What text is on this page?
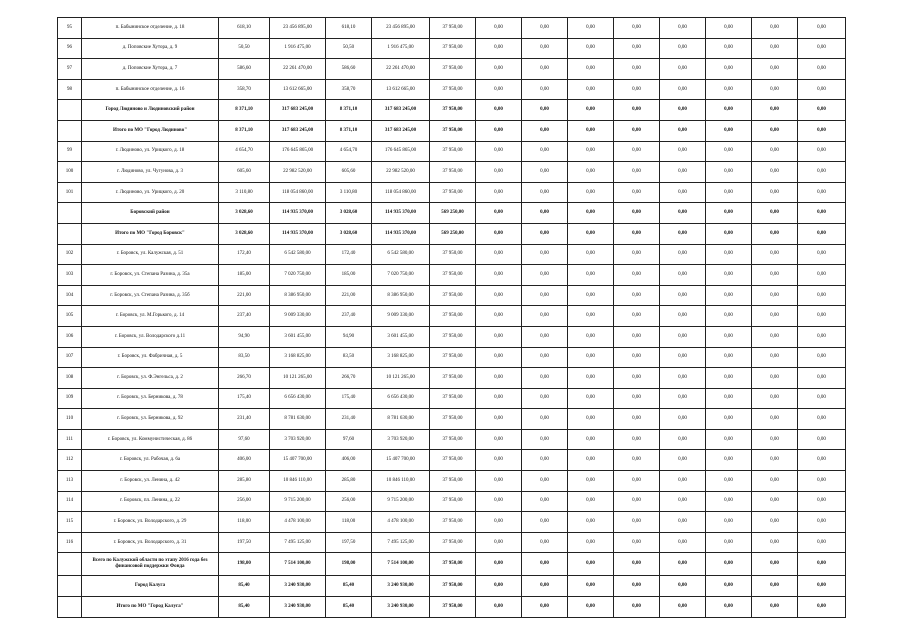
95	п. Бабынинское отделение, д. 18	618,10	23 456 895,00	618,10	23 456 895,00	37 950,00	0,00	0,00	0,00	0,00	0,00	0,00	0,00	0,00	
96	д. Поповские Хутора, д. 9	50,50	1 916 475,00	50,50	1 916 475,00	37 950,00	0,00	0,00	0,00	0,00	0,00	0,00	0,00	0,00	
97	д. Поповские Хутора, д. 7	586,60	22 261 470,00	586,60	22 261 470,00	37 950,00	0,00	0,00	0,00	0,00	0,00	0,00	0,00	0,00	
98	п. Бабынинское отделение, д. 16	358,70	13 612 665,00	358,70	13 612 665,00	37 950,00	0,00	0,00	0,00	0,00	0,00	0,00	0,00	0,00	
	Город Людиново и Людиновский район	8 371,10	317 683 245,00	8 371,10	317 683 245,00	37 950,00	0,00	0,00	0,00	0,00	0,00	0,00	0,00	0,00	
	Итого по МО "Город Людиново"	8 371,10	317 683 245,00	8 371,10	317 683 245,00	37 950,00	0,00	0,00	0,00	0,00	0,00	0,00	0,00	0,00	
99	г. Людиново, ул. Урицкого, д. 18	4 654,70	176 645 865,00	4 654,70	176 645 865,00	37 950,00	0,00	0,00	0,00	0,00	0,00	0,00	0,00	0,00	
100	г. Людиново, ул. Чугунова, д. 3	605,60	22 982 520,00	605,60	22 982 520,00	37 950,00	0,00	0,00	0,00	0,00	0,00	0,00	0,00	0,00	
101	г. Людиново, ул. Урицкого, д. 20	3 110,80	118 054 860,00	3 110,80	118 054 860,00	37 950,00	0,00	0,00	0,00	0,00	0,00	0,00	0,00	0,00	
	Боровский район	3 028,60	114 935 370,00	3 028,60	114 935 370,00	569 250,00	0,00	0,00	0,00	0,00	0,00	0,00	0,00	0,00	
	Итого по МО "Город Боровск"	3 028,60	114 935 370,00	3 028,60	114 935 370,00	569 250,00	0,00	0,00	0,00	0,00	0,00	0,00	0,00	0,00	
102	г. Боровск, ул. Калужская, д. 51	172,40	6 542 580,00	172,40	6 542 580,00	37 950,00	0,00	0,00	0,00	0,00	0,00	0,00	0,00	0,00	
103	г. Боровск, ул. Степана Разина, д. 35а	185,00	7 020 750,00	185,00	7 020 750,00	37 950,00	0,00	0,00	0,00	0,00	0,00	0,00	0,00	0,00	
104	г. Боровск, ул. Степана Разина, д. 35б	221,00	8 386 950,00	221,00	8 386 950,00	37 950,00	0,00	0,00	0,00	0,00	0,00	0,00	0,00	0,00	
105	г. Боровск, ул. М.Горького, д. 14	237,40	9 009 330,00	237,40	9 009 330,00	37 950,00	0,00	0,00	0,00	0,00	0,00	0,00	0,00	0,00	
106	г. Боровск, ул. Володарского д.11	94,90	3 601 455,00	94,90	3 601 455,00	37 950,00	0,00	0,00	0,00	0,00	0,00	0,00	0,00	0,00	
107	г. Боровск, ул. Фабричная, д. 5	83,50	3 168 825,00	83,50	3 168 825,00	37 950,00	0,00	0,00	0,00	0,00	0,00	0,00	0,00	0,00	
108	г. Боровск, ул. Ф.Энгельса, д. 2	266,70	10 121 265,00	266,70	10 121 265,00	37 950,00	0,00	0,00	0,00	0,00	0,00	0,00	0,00	0,00	
109	г. Боровск, ул. Берникова, д. 78	175,40	6 656 430,00	175,40	6 656 430,00	37 950,00	0,00	0,00	0,00	0,00	0,00	0,00	0,00	0,00	
110	г. Боровск, ул. Берникова, д. 92	231,40	8 781 630,00	231,40	8 781 630,00	37 950,00	0,00	0,00	0,00	0,00	0,00	0,00	0,00	0,00	
111	г. Боровск, ул. Коммунистическая, д. 86	97,60	3 703 920,00	97,60	3 703 920,00	37 950,00	0,00	0,00	0,00	0,00	0,00	0,00	0,00	0,00	
112	г. Боровск, ул. Рабочая, д. 6а	406,00	15 407 700,00	406,00	15 407 700,00	37 950,00	0,00	0,00	0,00	0,00	0,00	0,00	0,00	0,00	
113	г. Боровск, ул. Ленина, д. 42	285,80	10 846 110,00	285,80	10 846 110,00	37 950,00	0,00	0,00	0,00	0,00	0,00	0,00	0,00	0,00	
114	г. Боровск, пл. Ленина, д. 22	256,00	9 715 200,00	256,00	9 715 200,00	37 950,00	0,00	0,00	0,00	0,00	0,00	0,00	0,00	0,00	
115	г. Боровск, ул. Володарского, д. 29	118,00	4 478 100,00	118,00	4 478 100,00	37 950,00	0,00	0,00	0,00	0,00	0,00	0,00	0,00	0,00	
116	г. Боровск, ул. Володарского, д. 31	197,50	7 495 125,00	197,50	7 495 125,00	37 950,00	0,00	0,00	0,00	0,00	0,00	0,00	0,00	0,00	
	Всего по Калужской области по этапу 2016 года без финансовой поддержки Фонда	198,00	7 514 100,00	198,00	7 514 100,00	37 950,00	0,00	0,00	0,00	0,00	0,00	0,00	0,00	0,00	
	Город Калуга	85,40	3 240 930,00	85,40	3 240 930,00	37 950,00	0,00	0,00	0,00	0,00	0,00	0,00	0,00	0,00	
	Итого по МО "Город Калуга"	85,40	3 240 930,00	85,40	3 240 930,00	37 950,00	0,00	0,00	0,00	0,00	0,00	0,00	0,00	0,00	
